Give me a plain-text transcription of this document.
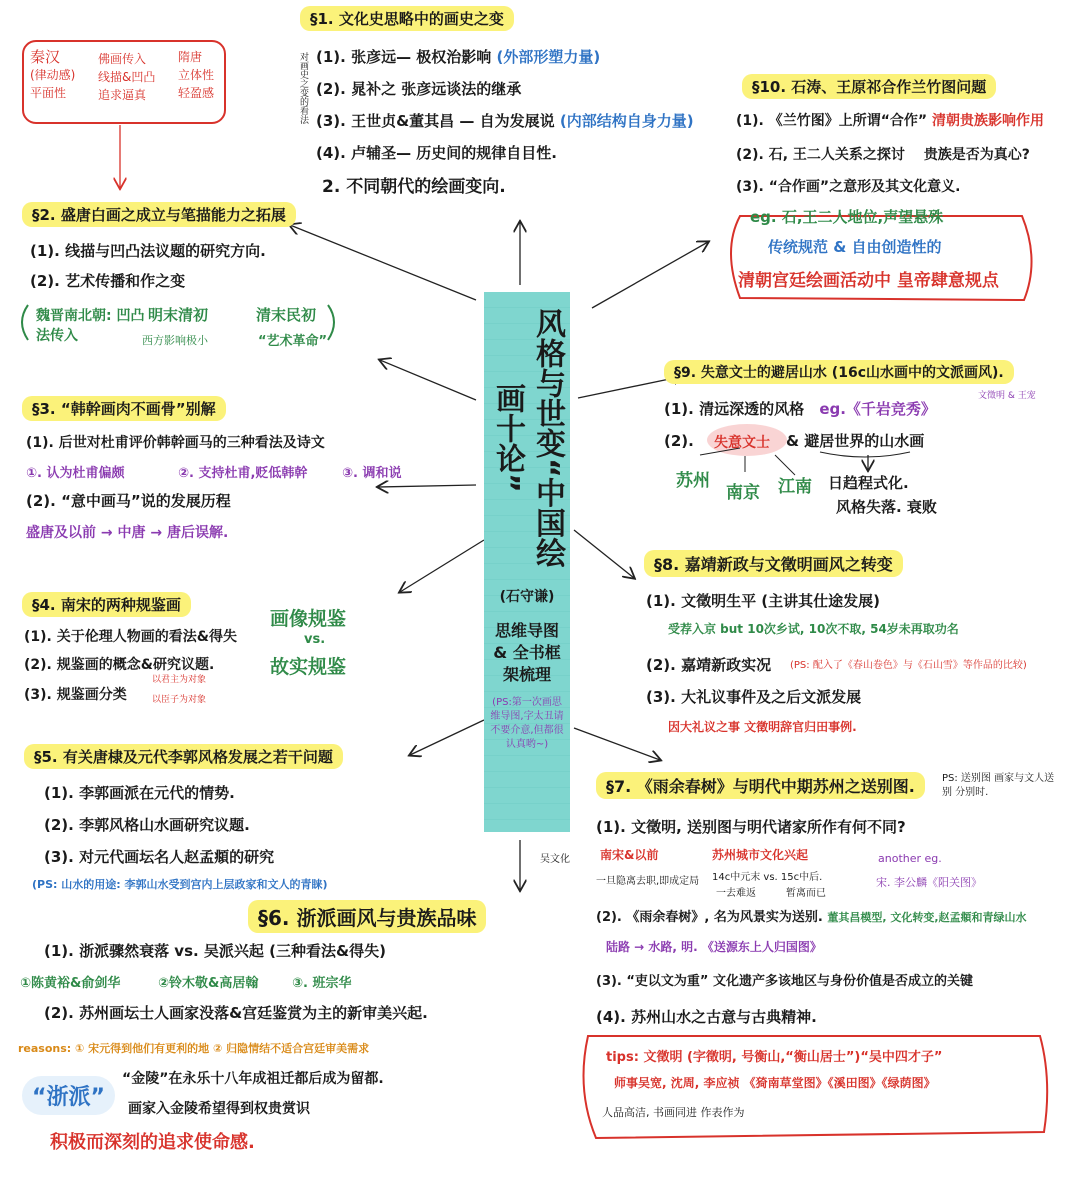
秦汉
(律动感)
平面性
佛画传入
线描&凹凸
追求逼真
隋唐
立体性
轻盈感
风格与世变“中国绘画十论”
(石守谦)
思维导图 & 全书框架梳理
(PS:第一次画思维导图,字太丑请不要介意,但都很认真哟~)
§1. 文化史思略中的画史之变
对画史之变的看法 (1). 张彦远— 极权治影响 (外部形塑力量)
(2). 晁补之 张彦远谈法的继承
(3). 王世贞&董其昌 — 自为发展说 (内部结构自身力量)
(4). 卢辅圣— 历史间的规律自目性.
2. 不同朝代的绘画变向.
§2. 盛唐白画之成立与笔描能力之拓展
(1). 线描与凹凸法议题的研究方向.
(2). 艺术传播和作之变
魏晋南北朝: 凹凸法传入
明末清初
西方影响极小
清末民初
“艺术革命”
§3. “韩幹画肉不画骨”别解
(1). 后世对杜甫评价韩幹画马的三种看法及诗文
①. 认为杜甫偏颇	②. 支持杜甫,贬低韩幹	③. 调和说
(2). “意中画马”说的发展历程
盛唐及以前 → 中唐 → 唐后误解.
§4. 南宋的两种规鉴画
(1). 关于伦理人物画的看法&得失
(2). 规鉴画的概念&研究议题.
(3). 规鉴画分类
以君主为对象
以臣子为对象
画像规鉴
vs.
故实规鉴
§5. 有关唐棣及元代李郭风格发展之若干问题
(1). 李郭画派在元代的情势.
(2). 李郭风格山水画研究议题.
(3). 对元代画坛名人赵孟頫的研究
(PS: 山水的用途: 李郭山水受到宫内上层政家和文人的青睐)
§6. 浙派画风与贵族品味
(1). 浙派骤然衰落 vs. 吴派兴起 (三种看法&得失)
①陈黄裕&俞剑华	②铃木敬&高居翰	③. 班宗华
(2). 苏州画坛士人画家没落&宫廷鉴赏为主的新审美兴起.
reasons: ① 宋元得到他们有更利的地 ② 归隐情结不适合宫廷审美需求
“浙派”
“金陵”在永乐十八年成祖迁都后成为留都.
画家入金陵希望得到权贵赏识
积极而深刻的追求使命感.
§10. 石涛、王原祁合作兰竹图问题
(1). 《兰竹图》上所谓“合作” 清朝贵族影响作用
(2). 石, 王二人关系之探讨 贵族是否为真心?
(3). “合作画”之意形及其文化意义.
eg. 石,王二人地位,声望悬殊
传统规范 & 自由创造性的
清朝宫廷绘画活动中 皇帝肆意规点
§9. 失意文士的避居山水 (16c山水画中的文派画风).
(1). 清远深透的风格 eg.《千岩竞秀》
文徵明 & 王宠
(2). 失意文士 & 避居世界的山水画
苏州
南京 江南 日趋程式化.
风格失落. 衰败
§8. 嘉靖新政与文徵明画风之转变
(1). 文徵明生平 (主讲其仕途发展)
受荐入京 but 10次乡试, 10次不取, 54岁未再取功名
(2). 嘉靖新政实况 (PS: 配入了《春山卷色》与《石山雪》等作品的比较)
(3). 大礼议事件及之后文派发展
因大礼议之事 文徵明辞官归田事例.
§7. 《雨余春树》与明代中期苏州之送别图.	PS: 送别图 画家与文人送别 分别时.
(1). 文徵明, 送别图与明代诸家所作有何不同?
吴文化	南宋&以前	苏州城市文化兴起
一旦隐离去职,即成定局 14c中元末 vs. 15c中后.
一去难返	暂离而已
another eg.
宋. 李公麟《阳关图》
(2). 《雨余春树》, 名为风景实为送别. 董其昌模型, 文化转变,赵孟頫和青绿山水
陆路 → 水路, 明. 《送源东上人归国图》
(3). “吏以文为重” 文化遗产多该地区与身份价值是否成立的关键
(4). 苏州山水之古意与古典精神.
tips: 文徵明 (字徵明, 号衡山,“衡山居士”)“吴中四才子”
师事吴宽, 沈周, 李应祯 《猗南草堂图》《溪田图》《绿荫图》
人品高洁, 书画同进 作表作为
